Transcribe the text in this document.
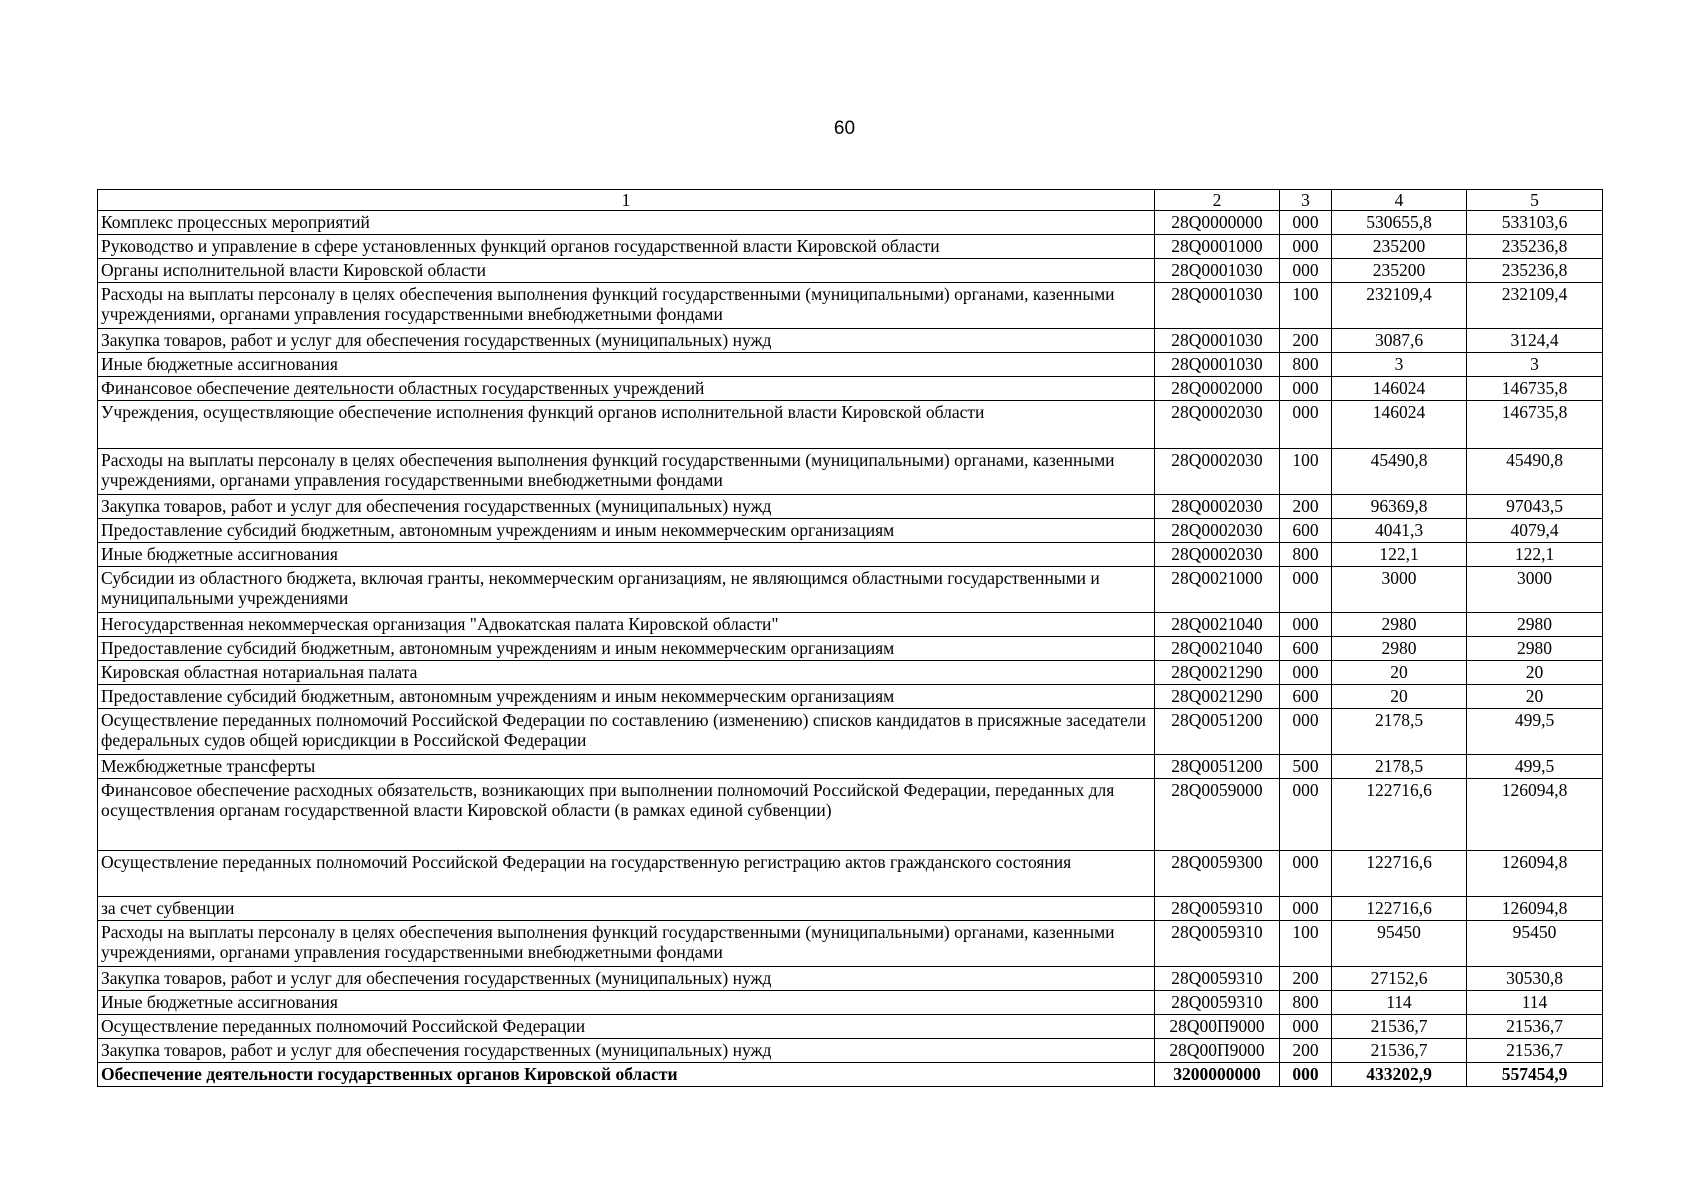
60
1	2	3	4	5
Комплекс процессных мероприятий	28Q0000000	000	530655,8	533103,6
Руководство и управление в сфере установленных функций органов государственной власти Кировской области	28Q0001000	000	235200	235236,8
Органы исполнительной власти Кировской области	28Q0001030	000	235200	235236,8
Расходы на выплаты персоналу в целях обеспечения выполнения функций государственными (муниципальными) органами, казенными учреждениями, органами управления государственными внебюджетными фондами	28Q0001030	100	232109,4	232109,4
Закупка товаров, работ и услуг для обеспечения государственных (муниципальных) нужд	28Q0001030	200	3087,6	3124,4
Иные бюджетные ассигнования	28Q0001030	800	3	3
Финансовое обеспечение деятельности областных государственных учреждений	28Q0002000	000	146024	146735,8
Учреждения, осуществляющие обеспечение исполнения функций органов исполнительной власти Кировской области	28Q0002030	000	146024	146735,8
Расходы на выплаты персоналу в целях обеспечения выполнения функций государственными (муниципальными) органами, казенными учреждениями, органами управления государственными внебюджетными фондами	28Q0002030	100	45490,8	45490,8
Закупка товаров, работ и услуг для обеспечения государственных (муниципальных) нужд	28Q0002030	200	96369,8	97043,5
Предоставление субсидий бюджетным, автономным учреждениям и иным некоммерческим организациям	28Q0002030	600	4041,3	4079,4
Иные бюджетные ассигнования	28Q0002030	800	122,1	122,1
Субсидии из областного бюджета, включая гранты, некоммерческим организациям, не являющимся областными государственными и муниципальными учреждениями	28Q0021000	000	3000	3000
Негосударственная некоммерческая организация "Адвокатская палата Кировской области"	28Q0021040	000	2980	2980
Предоставление субсидий бюджетным, автономным учреждениям и иным некоммерческим организациям	28Q0021040	600	2980	2980
Кировская областная нотариальная палата	28Q0021290	000	20	20
Предоставление субсидий бюджетным, автономным учреждениям и иным некоммерческим организациям	28Q0021290	600	20	20
Осуществление переданных полномочий Российской Федерации по составлению (изменению) списков кандидатов в присяжные заседатели федеральных судов общей юрисдикции в Российской Федерации	28Q0051200	000	2178,5	499,5
Межбюджетные трансферты	28Q0051200	500	2178,5	499,5
Финансовое обеспечение расходных обязательств, возникающих при выполнении полномочий Российской Федерации, переданных для осуществления органам государственной власти Кировской области (в рамках единой субвенции)	28Q0059000	000	122716,6	126094,8
Осуществление переданных полномочий Российской Федерации на государственную регистрацию актов гражданского состояния	28Q0059300	000	122716,6	126094,8
за счет субвенции	28Q0059310	000	122716,6	126094,8
Расходы на выплаты персоналу в целях обеспечения выполнения функций государственными (муниципальными) органами, казенными учреждениями, органами управления государственными внебюджетными фондами	28Q0059310	100	95450	95450
Закупка товаров, работ и услуг для обеспечения государственных (муниципальных) нужд	28Q0059310	200	27152,6	30530,8
Иные бюджетные ассигнования	28Q0059310	800	114	114
Осуществление переданных полномочий Российской Федерации	28Q00П9000	000	21536,7	21536,7
Закупка товаров, работ и услуг для обеспечения государственных (муниципальных) нужд	28Q00П9000	200	21536,7	21536,7
Обеспечение деятельности государственных органов Кировской области	3200000000	000	433202,9	557454,9
